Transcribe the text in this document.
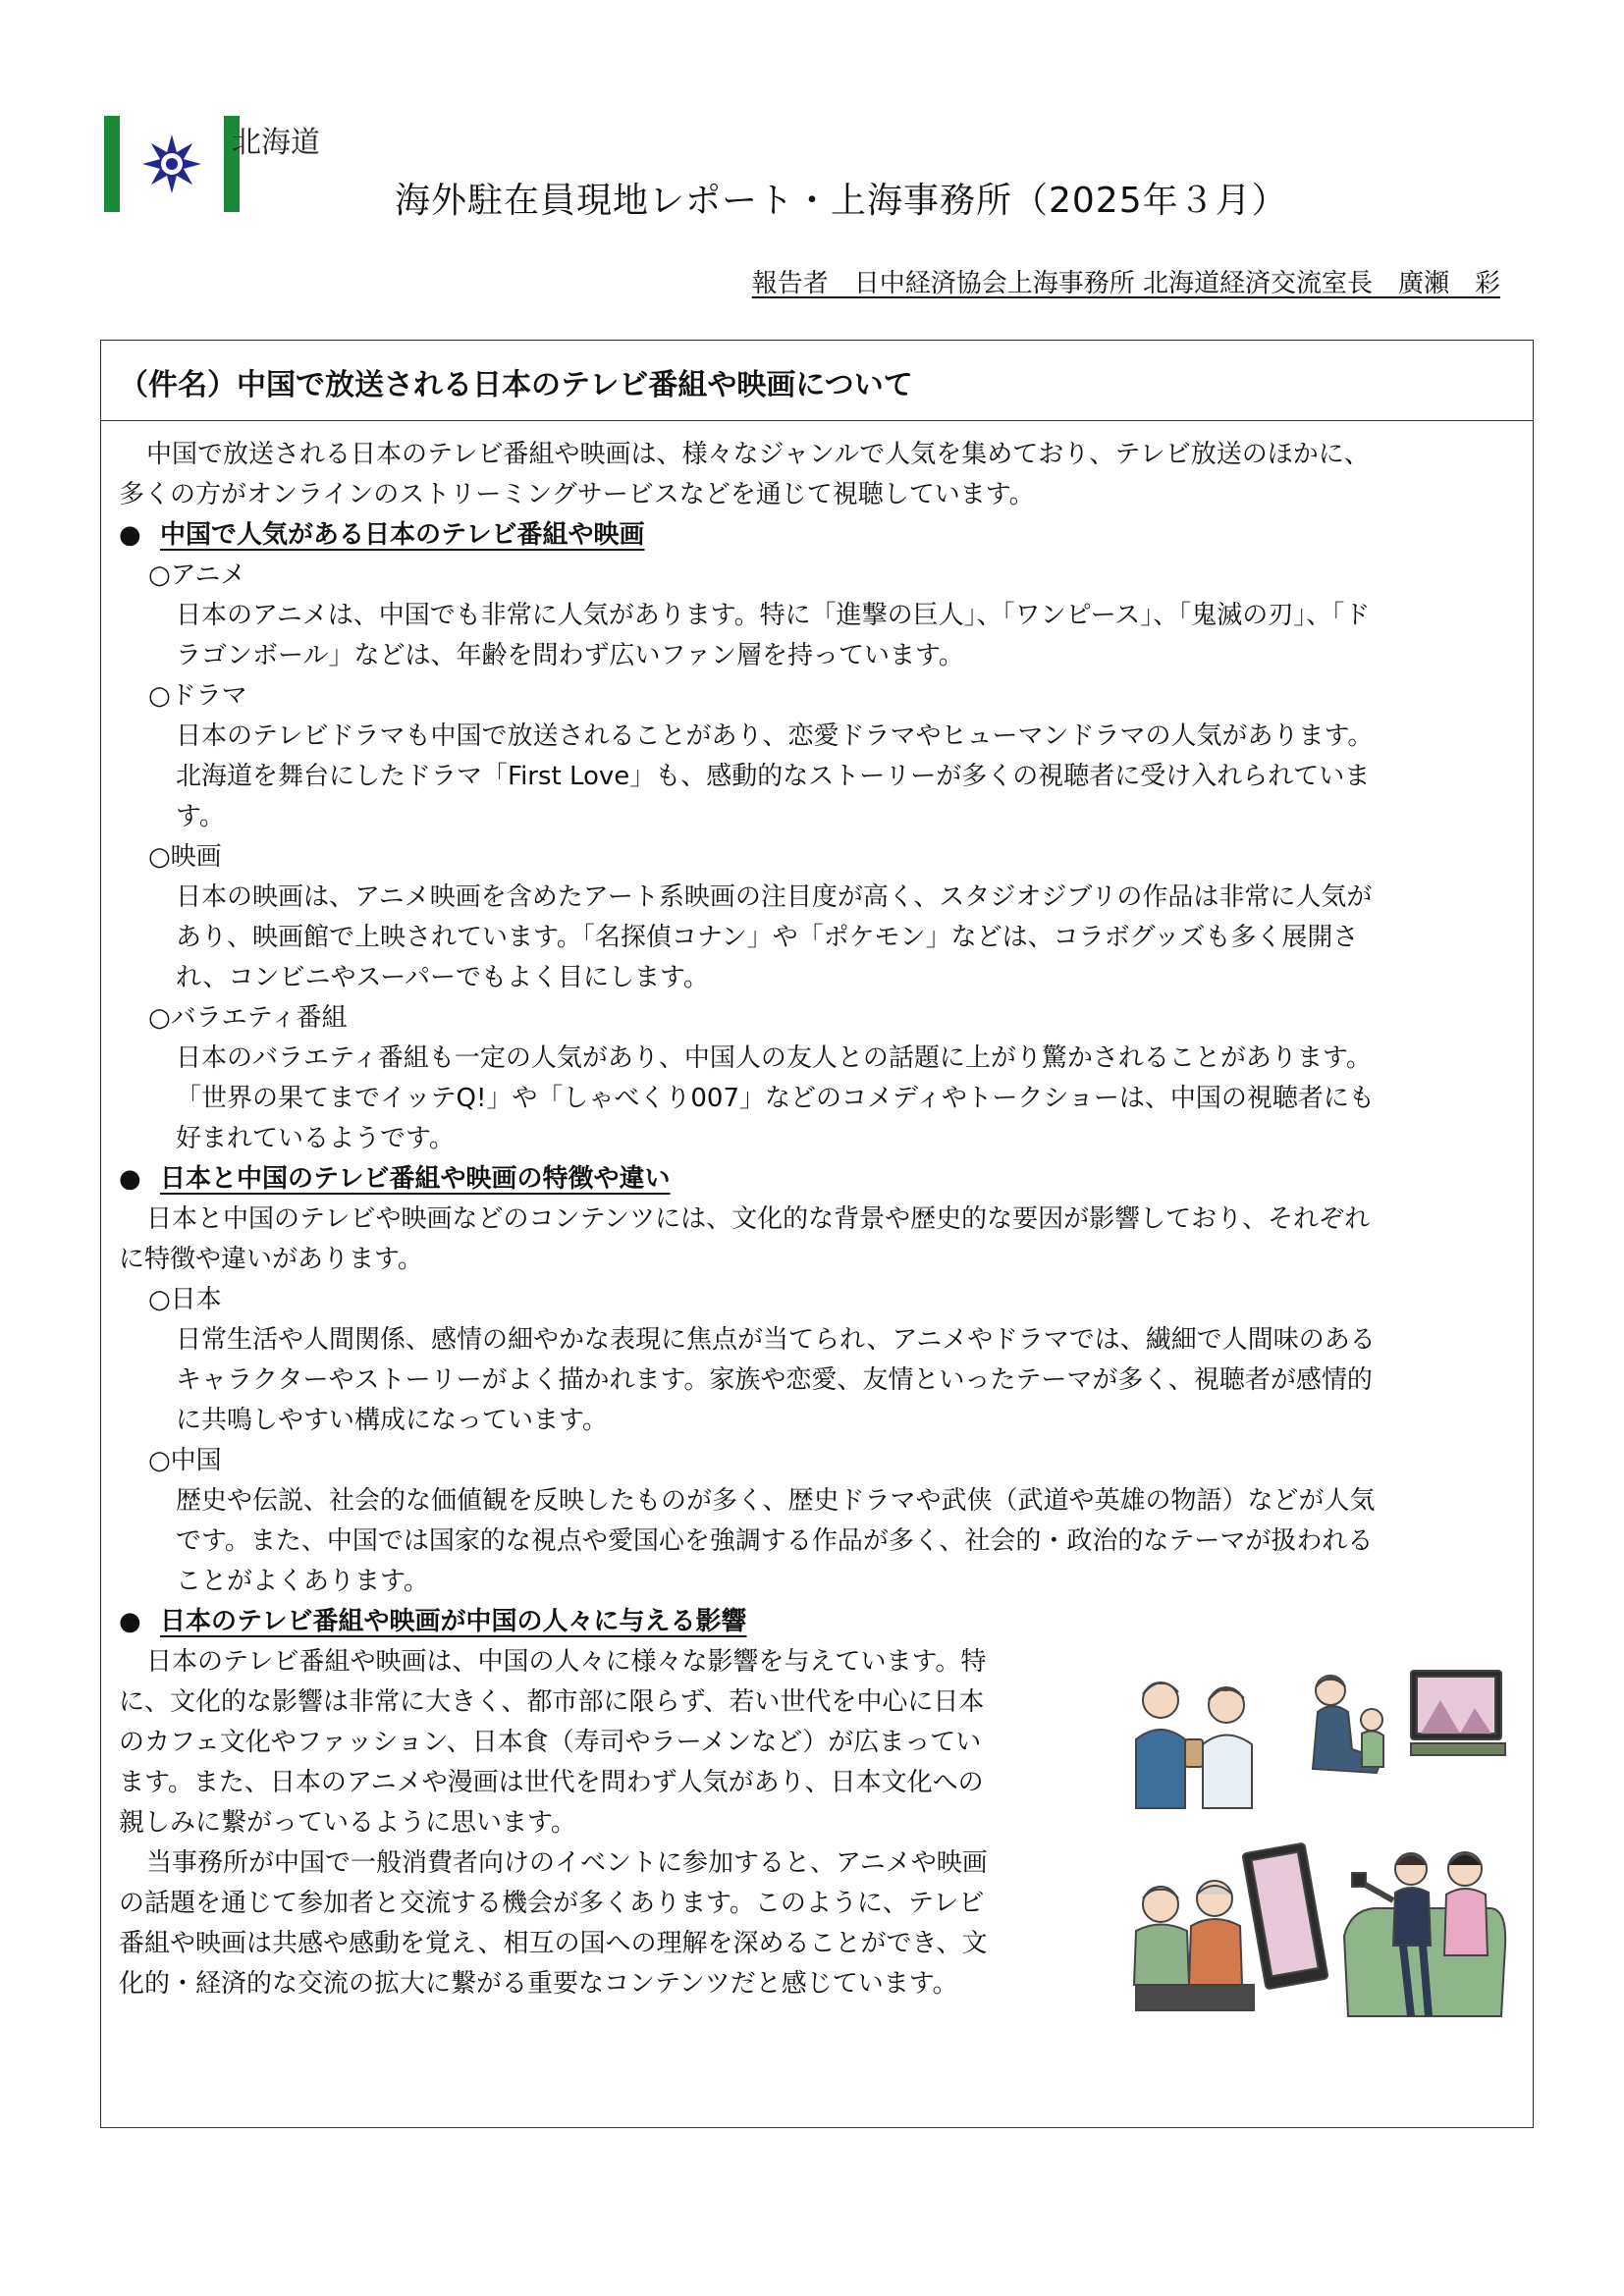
北海道
海外駐在員現地レポート・上海事務所（2025年３月）
報告者　日中経済協会上海事務所 北海道経済交流室長　廣瀬　彩
（件名）中国で放送される日本のテレビ番組や映画について

中国で放送される日本のテレビ番組や映画は、様々なジャンルで人気を集めており、テレビ放送のほかに、

多くの方がオンラインのストリーミングサービスなどを通じて視聴しています。

● 中国で人気がある日本のテレビ番組や映画

○アニメ

日本のアニメは、中国でも非常に人気があります。特に「進撃の巨人」、「ワンピース」、「鬼滅の刃」、「ド

ラゴンボール」などは、年齢を問わず広いファン層を持っています。

○ドラマ

日本のテレビドラマも中国で放送されることがあり、恋愛ドラマやヒューマンドラマの人気があります。

北海道を舞台にしたドラマ「First Love」も、感動的なストーリーが多くの視聴者に受け入れられていま

す。

○映画

日本の映画は、アニメ映画を含めたアート系映画の注目度が高く、スタジオジブリの作品は非常に人気が

あり、映画館で上映されています。「名探偵コナン」や「ポケモン」などは、コラボグッズも多く展開さ

れ、コンビニやスーパーでもよく目にします。

○バラエティ番組

日本のバラエティ番組も一定の人気があり、中国人の友人との話題に上がり驚かされることがあります。

「世界の果てまでイッテQ!」や「しゃべくり007」などのコメディやトークショーは、中国の視聴者にも

好まれているようです。

● 日本と中国のテレビ番組や映画の特徴や違い

日本と中国のテレビや映画などのコンテンツには、文化的な背景や歴史的な要因が影響しており、それぞれ

に特徴や違いがあります。

○日本

日常生活や人間関係、感情の細やかな表現に焦点が当てられ、アニメやドラマでは、繊細で人間味のある

キャラクターやストーリーがよく描かれます。家族や恋愛、友情といったテーマが多く、視聴者が感情的

に共鳴しやすい構成になっています。

○中国

歴史や伝説、社会的な価値観を反映したものが多く、歴史ドラマや武侠（武道や英雄の物語）などが人気

です。また、中国では国家的な視点や愛国心を強調する作品が多く、社会的・政治的なテーマが扱われる

ことがよくあります。

● 日本のテレビ番組や映画が中国の人々に与える影響

日本のテレビ番組や映画は、中国の人々に様々な影響を与えています。特

に、文化的な影響は非常に大きく、都市部に限らず、若い世代を中心に日本

のカフェ文化やファッション、日本食（寿司やラーメンなど）が広まってい

ます。また、日本のアニメや漫画は世代を問わず人気があり、日本文化への

親しみに繋がっているように思います。

当事務所が中国で一般消費者向けのイベントに参加すると、アニメや映画

の話題を通じて参加者と交流する機会が多くあります。このように、テレビ

番組や映画は共感や感動を覚え、相互の国への理解を深めることができ、文

化的・経済的な交流の拡大に繋がる重要なコンテンツだと感じています。
